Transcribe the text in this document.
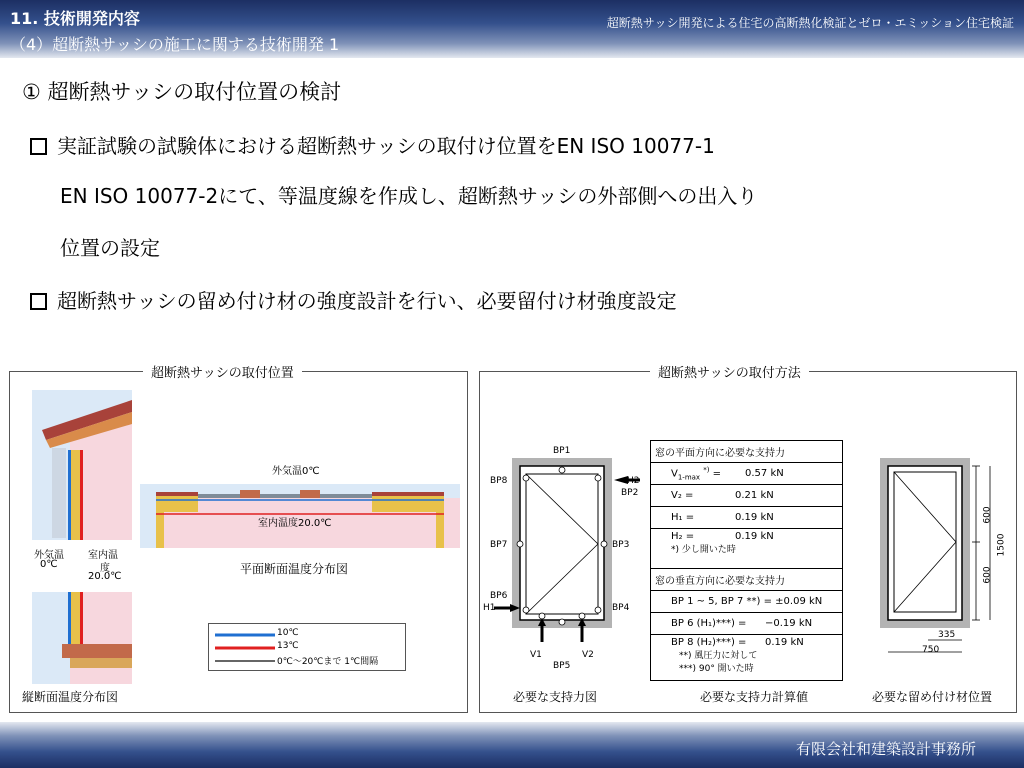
11. 技術開発内容
（4）超断熱サッシの施工に関する技術開発 1
超断熱サッシ開発による住宅の高断熱化検証とゼロ・エミッション住宅検証
① 超断熱サッシの取付位置の検討
実証試験の試験体における超断熱サッシの取付け位置をEN ISO 10077-1
EN ISO 10077-2にて、等温度線を作成し、超断熱サッシの外部側への出入り
位置の設定
超断熱サッシの留め付け材の強度設計を行い、必要留付け材強度設定
超断熱サッシの取付位置
外気温
0℃
室内温
度
20.0℃
縦断面温度分布図
外気温0℃
室内温度20.0℃
平面断面温度分布図
10℃
13℃
0℃〜20℃まで 1℃間隔
超断熱サッシの取付方法
BP1
BP8	H2
BP2
BP7	BP3
BP6
H1	BP4
V1	V2
BP5
窓の平面方向に必要な支持力
$V_{1-max}$ *) = 0.57 kN
V₂ =	0.21 kN
H₁ =	0.19 kN
H₂ =	0.19 kN
*) 少し開いた時
窓の垂直方向に必要な支持力
BP 1 ~ 5, BP 7 **) = ±0.09 kN
BP 6 (H₁)***) = −0.19 kN
BP 8 (H₂)***) = 0.19 kN
**) 風圧力に対して
***) 90° 開いた時
600
1500
600
335
750
必要な支持力図	必要な支持力計算値	必要な留め付け材位置
有限会社和建築設計事務所
